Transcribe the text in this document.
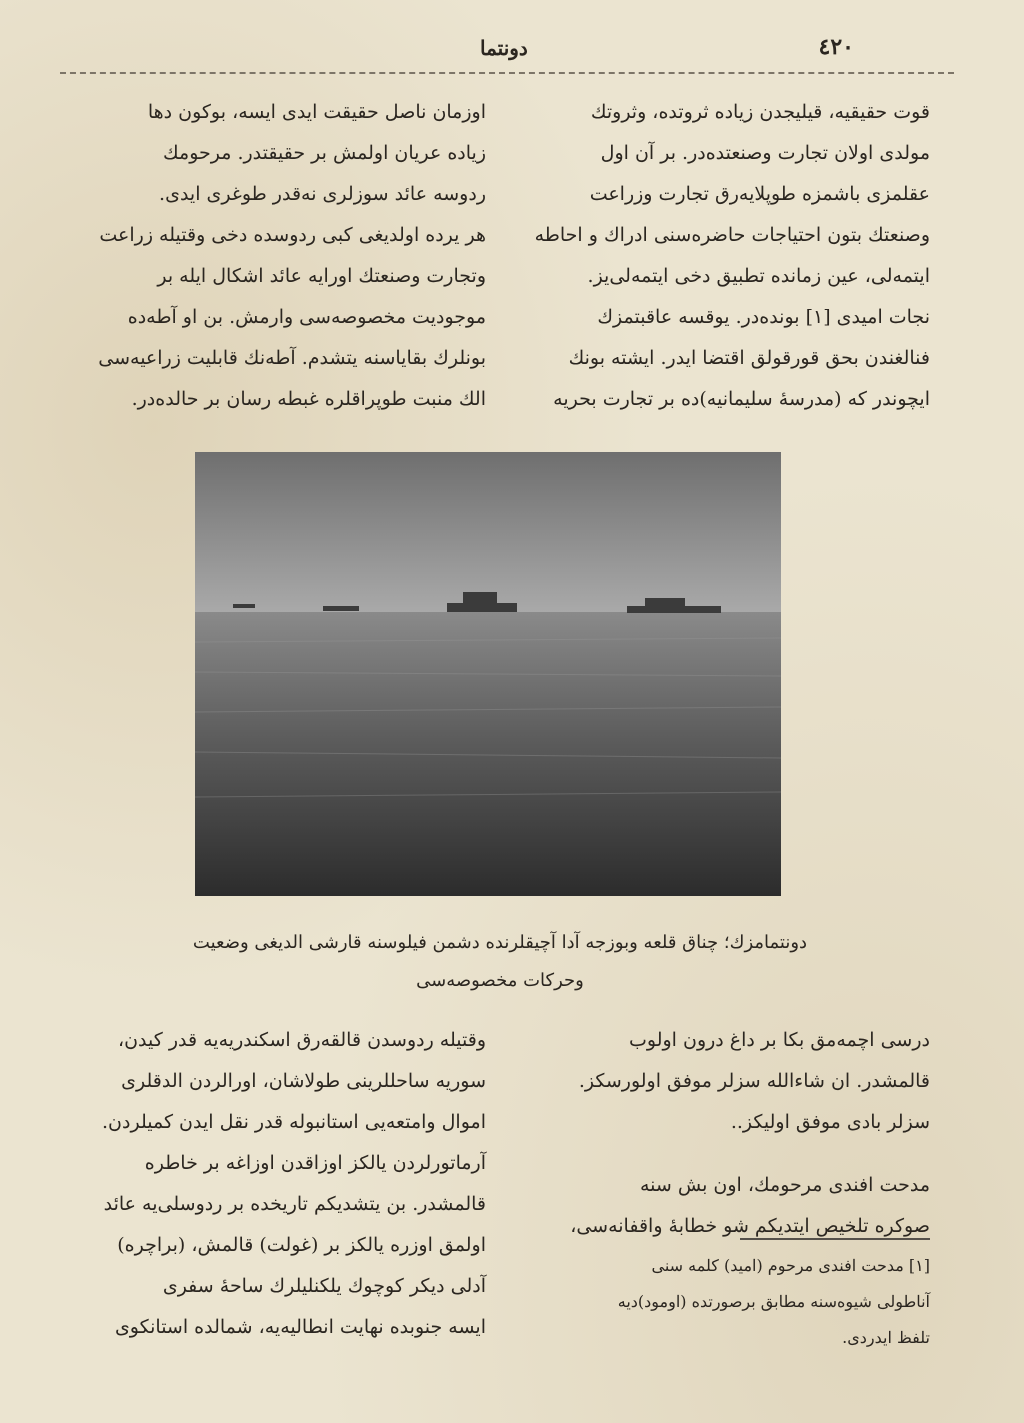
٤٢٠
دونتما

قوت حقیقیه، قیلیجدن زیاده ثروتده، وثروتك

مولدی اولان تجارت وصنعتده‌در. بر آن اول

عقلمزی باشمزه طوپلایه‌رق تجارت وزراعت

وصنعتك بتون احتیاجات حاضره‌سنی ادراك و احاطه

ایتمه‌لی، عین زمانده تطبیق دخی ایتمه‌لی‌یز.

نجات امیدی [١] بونده‌در. یوقسه عاقبتمزك

فنالغندن بحق قورقولق اقتضا ایدر. ایشته بونك

ایچوندر که (مدرسهٔ سلیمانیه)ده بر تجارت بحریه

اوزمان ناصل حقیقت ایدی ایسه، بوكون دها

زیاده عریان اولمش بر حقیقتدر. مرحومك

ردوسه عائد سوزلری نه‌قدر طوغری ایدی.

هر یرده اولدیغی کبی ردوسده دخی وقتیله زراعت

وتجارت وصنعتك اورایه عائد اشکال ایله بر

موجودیت مخصوصه‌سی وارمش. بن او آطه‌ده

بونلرك بقایاسنه یتشدم. آطه‌نك قابلیت زراعیه‌سی

الك منبت طوپراقلره غبطه رسان بر حالده‌در.

دونتمامزك؛ چناق قلعه وبوزجه آدا آچیقلرنده دشمن فیلوسنه قارشی الدیغی وضعیت
وحرکات مخصوصه‌سی

درسی اچمه‌مق بكا بر داغ درون اولوب

قالمشدر. ان شاءالله سزلر موفق اولورسکز.

سزلر بادی موفق اولیکز..

مدحت افندی مرحومك، اون بش سنه

صوکره تلخیص ایتدیکم شو خطابهٔ واقفانه‌سی،

[١] مدحت افندی مرحوم (امید) کلمه‌ سنی
آناطولی شیوه‌سنه مطابق برصورتده (اومود)دیه
تلفظ ایدردی.

وقتیله ردوسدن قالقه‌رق اسکندریه‌یه قدر کیدن،

سوریه ساحللرینی طولاشان، اورالردن الدقلری

اموال وامتعه‌یی استانبوله قدر نقل ایدن کمیلردن.

آرماتورلردن یالکز اوزاقدن اوزاغه بر خاطره

قالمشدر. بن یتشدیکم تاریخده بر ردوسلی‌یه عائد

اولمق اوزره یالکز بر (غولت) قالمش، (براچره)

آدلی دیکر کوچوك یلکنلیلرك ساحهٔ سفری

ایسه جنوبده نهایت انطالیه‌یه، شمالده استانکوی
